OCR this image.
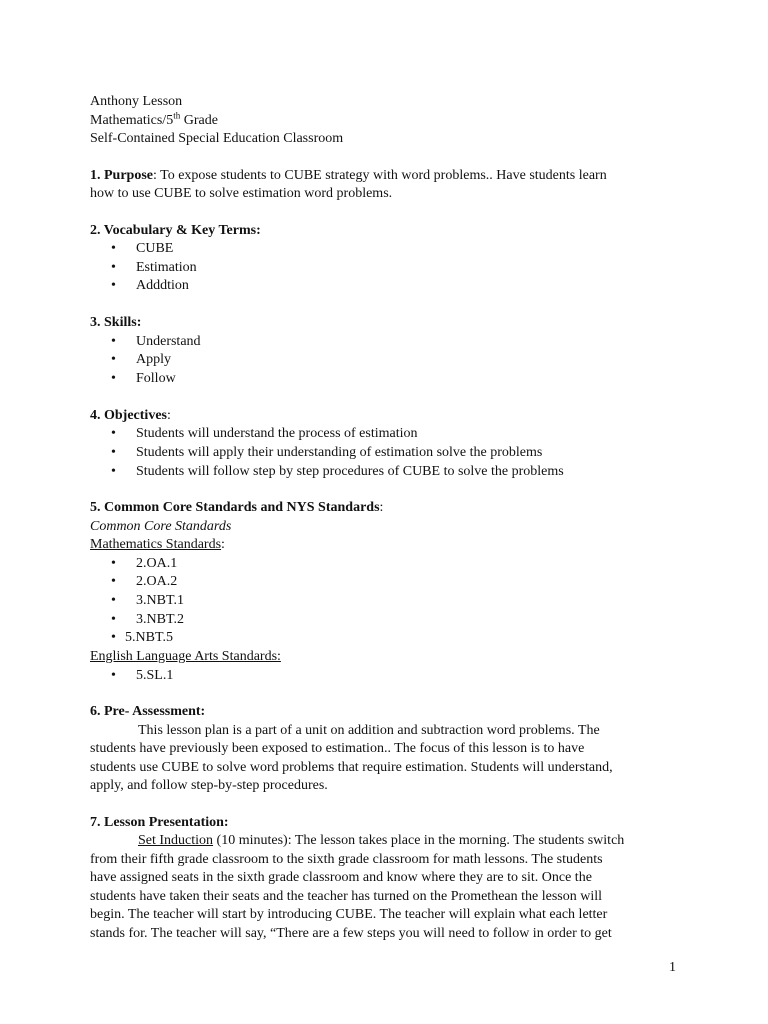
Anthony Lesson
Mathematics/5th Grade
Self-Contained Special Education Classroom
1. Purpose: To expose students to CUBE strategy with word problems.. Have students learn
how to use CUBE to solve estimation word problems.
2. Vocabulary & Key Terms:
• CUBE
• Estimation
• Adddtion
3. Skills:
• Understand
• Apply
• Follow
4. Objectives:
• Students will understand the process of estimation
• Students will apply their understanding of estimation solve the problems
• Students will follow step by step procedures of CUBE to solve the problems
5. Common Core Standards and NYS Standards:
Common Core Standards
Mathematics Standards:
• 2.OA.1
• 2.OA.2
• 3.NBT.1
• 3.NBT.2
• 5.NBT.5
English Language Arts Standards:
• 5.SL.1
6. Pre- Assessment:
This lesson plan is a part of a unit on addition and subtraction word problems. The
students have previously been exposed to estimation.. The focus of this lesson is to have
students use CUBE to solve word problems that require estimation. Students will understand,
apply, and follow step-by-step procedures.
7. Lesson Presentation:
Set Induction (10 minutes): The lesson takes place in the morning. The students switch
from their fifth grade classroom to the sixth grade classroom for math lessons. The students
have assigned seats in the sixth grade classroom and know where they are to sit. Once the
students have taken their seats and the teacher has turned on the Promethean the lesson will
begin. The teacher will start by introducing CUBE. The teacher will explain what each letter
stands for. The teacher will say, “There are a few steps you will need to follow in order to get
1
